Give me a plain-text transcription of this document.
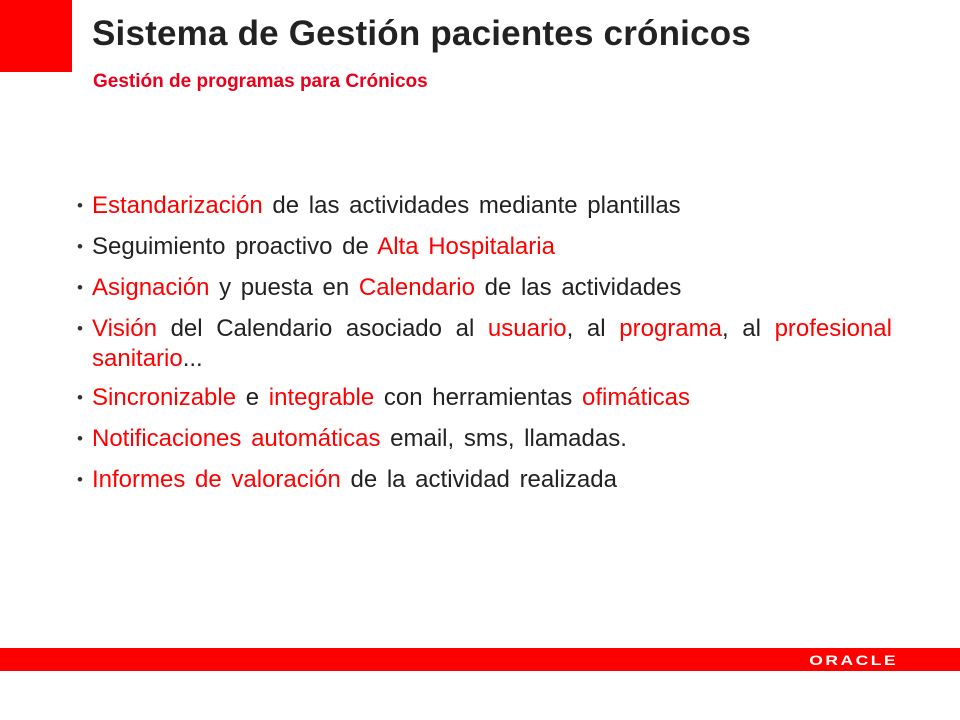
Sistema de Gestión pacientes crónicos
Gestión de programas para Crónicos
• Estandarización de las actividades mediante plantillas
• Seguimiento proactivo de Alta Hospitalaria
• Asignación y puesta en Calendario de las actividades
• Visión del Calendario asociado al usuario, al programa, al profesional sanitario...
• Sincronizable e integrable con herramientas ofimáticas
• Notificaciones automáticas email, sms, llamadas.
• Informes de valoración de la actividad realizada
ORACLE
